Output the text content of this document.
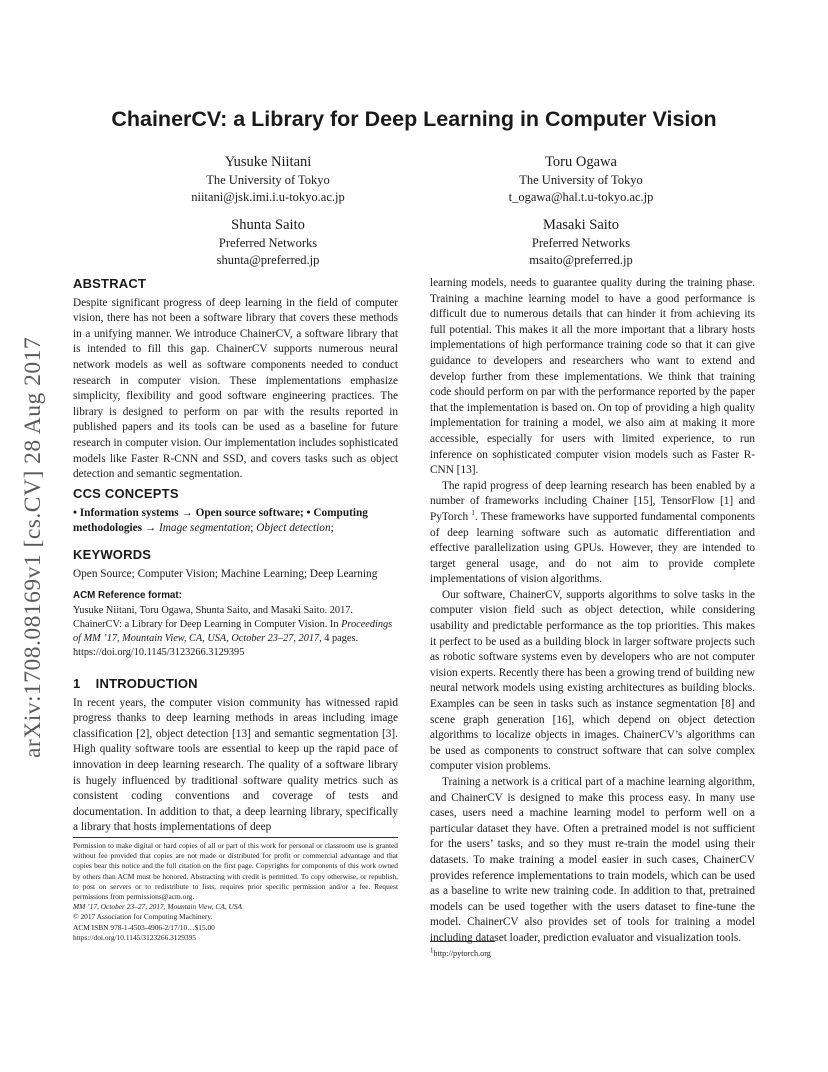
arXiv:1708.08169v1 [cs.CV] 28 Aug 2017
ChainerCV: a Library for Deep Learning in Computer Vision
Yusuke Niitani
The University of Tokyo
niitani@jsk.imi.i.u-tokyo.ac.jp
Toru Ogawa
The University of Tokyo
t_ogawa@hal.t.u-tokyo.ac.jp
Shunta Saito
Preferred Networks
shunta@preferred.jp
Masaki Saito
Preferred Networks
msaito@preferred.jp
ABSTRACT

Despite significant progress of deep learning in the field of computer vision, there has not been a software library that covers these methods in a unifying manner. We introduce ChainerCV, a software library that is intended to fill this gap. ChainerCV supports numerous neural network models as well as software components needed to conduct research in computer vision. These implementations emphasize simplicity, flexibility and good software engineering practices. The library is designed to perform on par with the results reported in published papers and its tools can be used as a baseline for future research in computer vision. Our implementation includes sophisticated models like Faster R-CNN and SSD, and covers tasks such as object detection and semantic segmentation.

CCS CONCEPTS

• Information systems → Open source software; • Computing methodologies → Image segmentation; Object detection;

KEYWORDS

Open Source; Computer Vision; Machine Learning; Deep Learning

ACM Reference format:

Yusuke Niitani, Toru Ogawa, Shunta Saito, and Masaki Saito. 2017. ChainerCV: a Library for Deep Learning in Computer Vision. In Proceedings of MM ’17, Mountain View, CA, USA, October 23–27, 2017, 4 pages.
https://doi.org/10.1145/3123266.3129395

1    INTRODUCTION

In recent years, the computer vision community has witnessed rapid progress thanks to deep learning methods in areas including image classification [2], object detection [13] and semantic segmentation [3]. High quality software tools are essential to keep up the rapid pace of innovation in deep learning research. The quality of a software library is hugely influenced by traditional software quality metrics such as consistent coding conventions and coverage of tests and documentation. In addition to that, a deep learning library, specifically a library that hosts implementations of deep

Permission to make digital or hard copies of all or part of this work for personal or classroom use is granted without fee provided that copies are not made or distributed for profit or commercial advantage and that copies bear this notice and the full citation on the first page. Copyrights for components of this work owned by others than ACM must be honored. Abstracting with credit is permitted. To copy otherwise, or republish, to post on servers or to redistribute to lists, requires prior specific permission and/or a fee. Request permissions from permissions@acm.org.

MM ’17, October 23–27, 2017, Mountain View, CA, USA

© 2017 Association for Computing Machinery.

ACM ISBN 978-1-4503-4906-2/17/10…$15.00

https://doi.org/10.1145/3123266.3129395

learning models, needs to guarantee quality during the training phase. Training a machine learning model to have a good performance is difficult due to numerous details that can hinder it from achieving its full potential. This makes it all the more important that a library hosts implementations of high performance training code so that it can give guidance to developers and researchers who want to extend and develop further from these implementations. We think that training code should perform on par with the performance reported by the paper that the implementation is based on. On top of providing a high quality implementation for training a model, we also aim at making it more accessible, especially for users with limited experience, to run inference on sophisticated computer vision models such as Faster R-CNN [13].

The rapid progress of deep learning research has been enabled by a number of frameworks including Chainer [15], TensorFlow [1] and PyTorch $^1$. These frameworks have supported fundamental components of deep learning software such as automatic differentiation and effective parallelization using GPUs. However, they are intended to target general usage, and do not aim to provide complete implementations of vision algorithms.

Our software, ChainerCV, supports algorithms to solve tasks in the computer vision field such as object detection, while considering usability and predictable performance as the top priorities. This makes it perfect to be used as a building block in larger software projects such as robotic software systems even by developers who are not computer vision experts. Recently there has been a growing trend of building new neural network models using existing architectures as building blocks. Examples can be seen in tasks such as instance segmentation [8] and scene graph generation [16], which depend on object detection algorithms to localize objects in images. ChainerCV’s algorithms can be used as components to construct software that can solve complex computer vision problems.

Training a network is a critical part of a machine learning algorithm, and ChainerCV is designed to make this process easy. In many use cases, users need a machine learning model to perform well on a particular dataset they have. Often a pretrained model is not sufficient for the users’ tasks, and so they must re-train the model using their datasets. To make training a model easier in such cases, ChainerCV provides reference implementations to train models, which can be used as a baseline to write new training code. In addition to that, pretrained models can be used together with the users dataset to fine-tune the model. ChainerCV also provides set of tools for training a model including dataset loader, prediction evaluator and visualization tools.

$^1$http://pytorch.org
